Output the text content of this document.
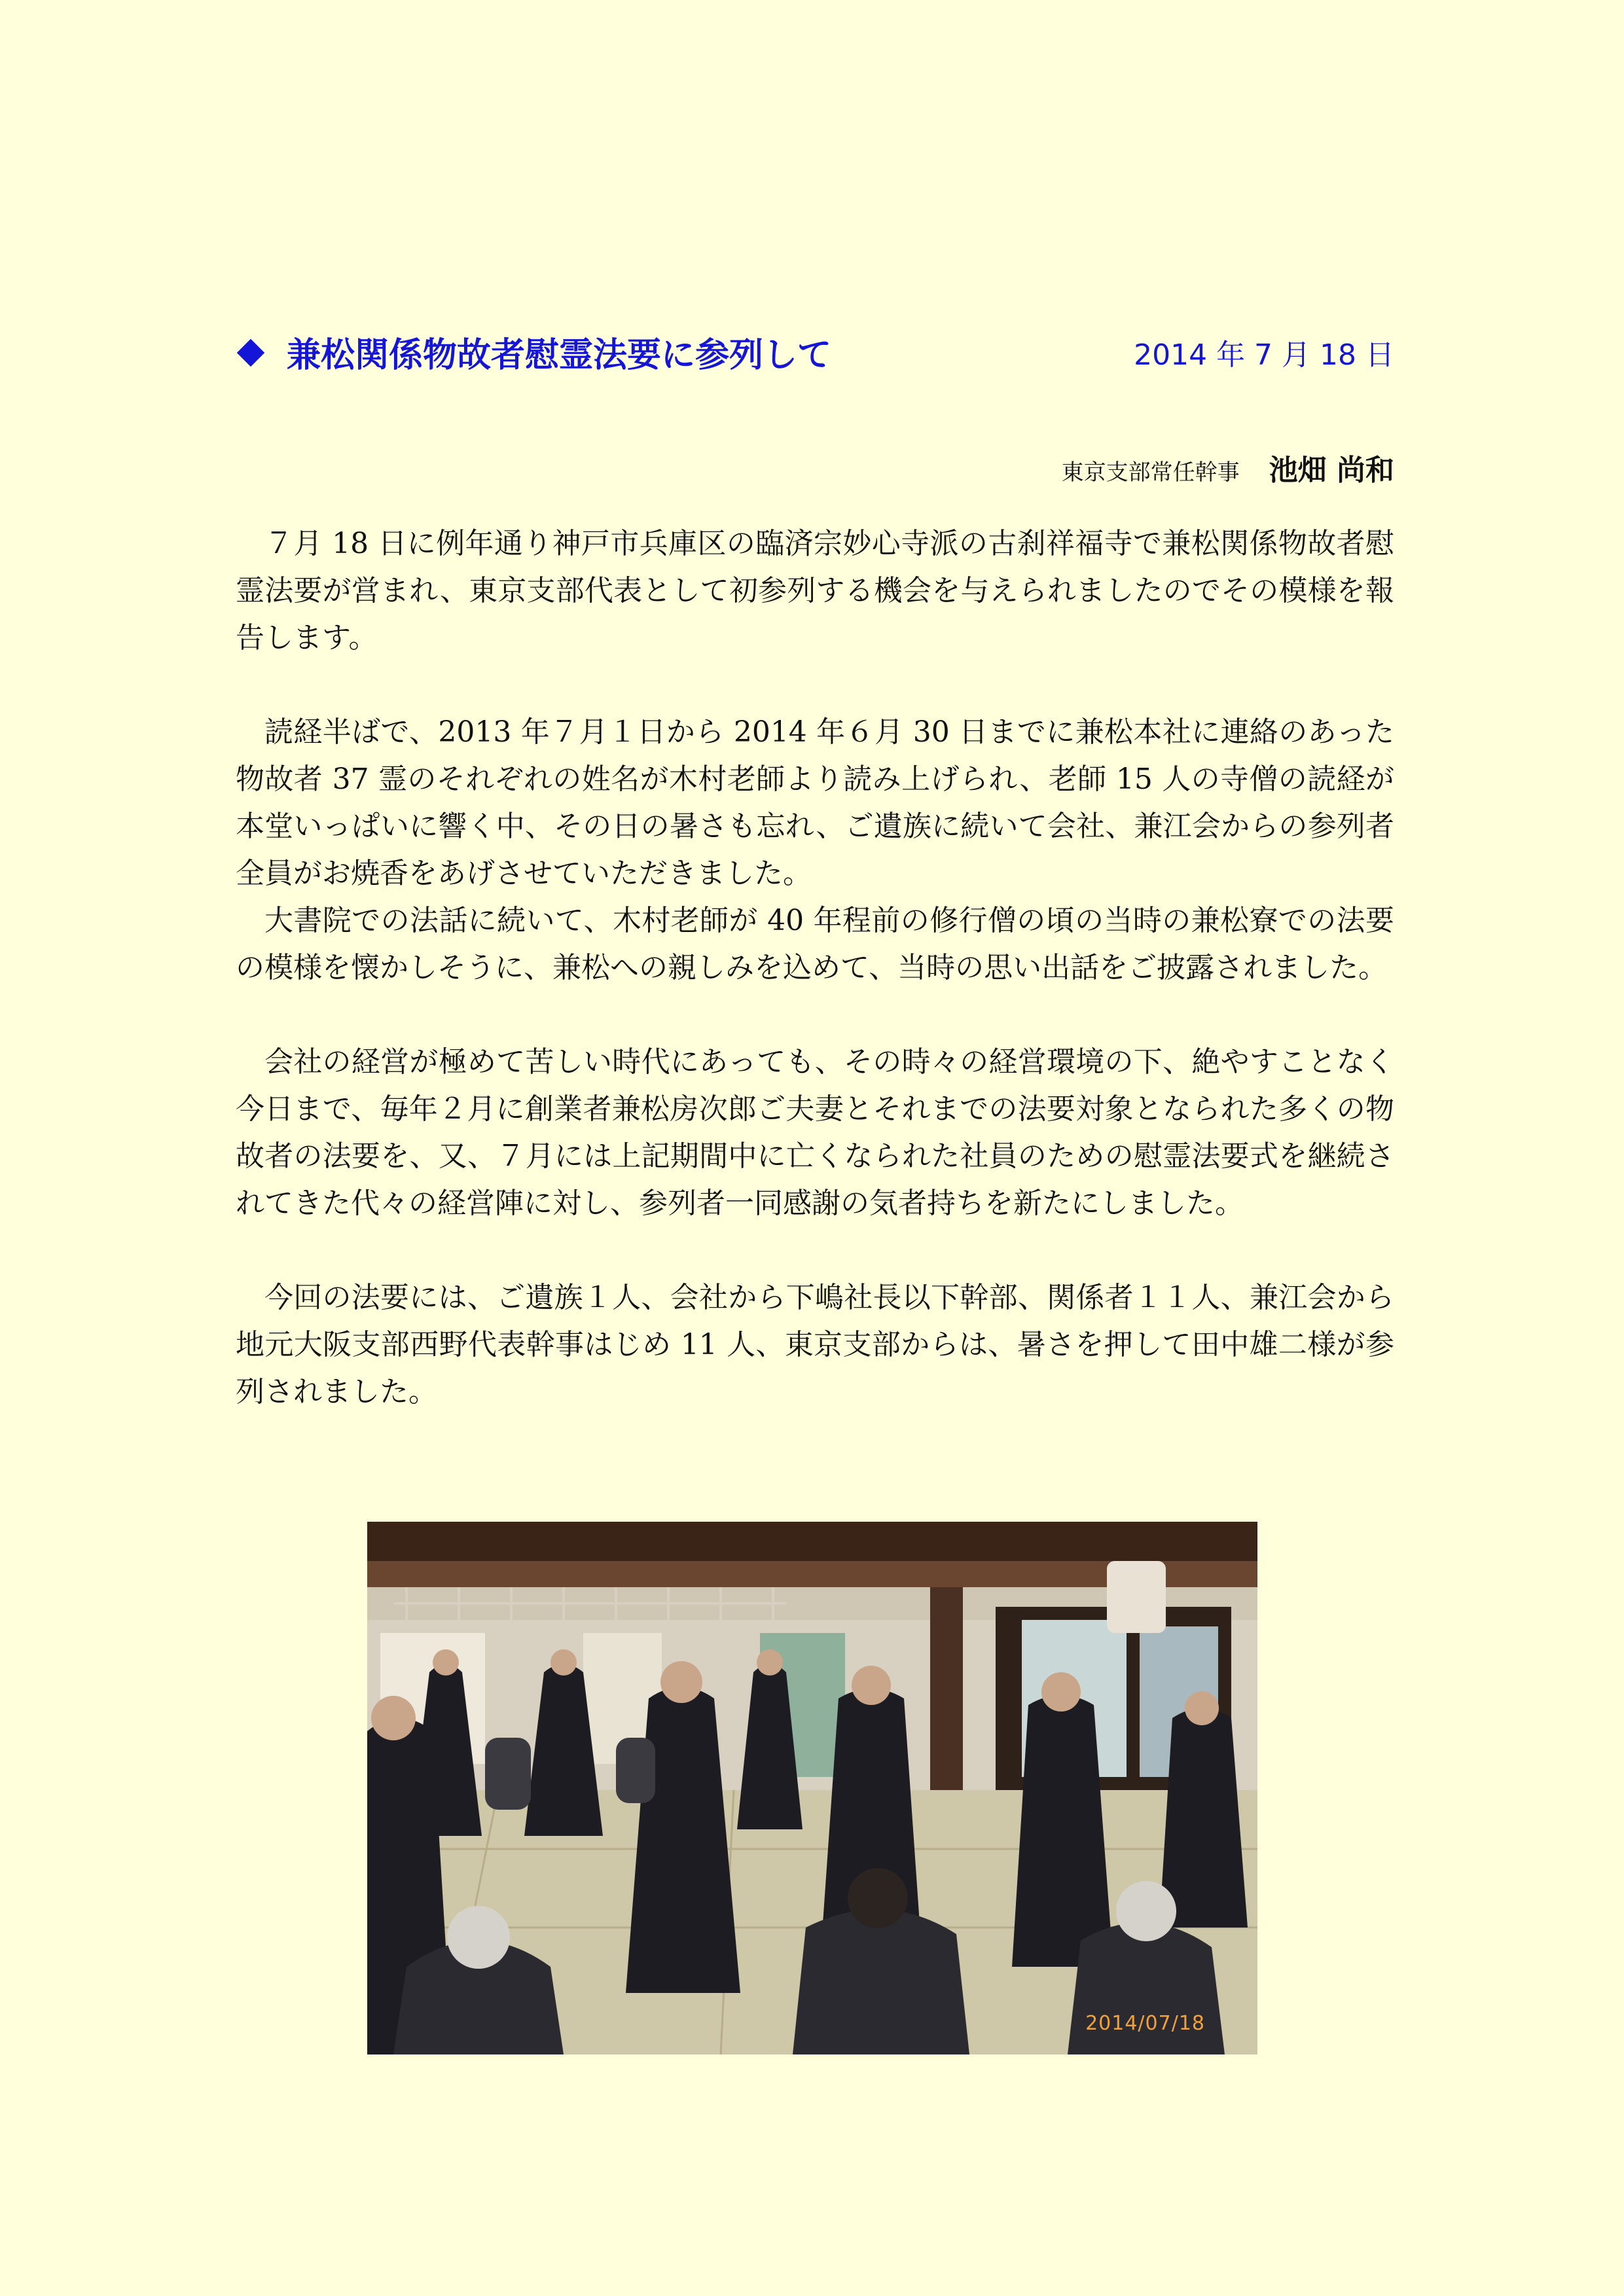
兼松関係物故者慰霊法要に参列して	2014 年 7 月 18 日
東京支部常任幹事 池畑 尚和

７月 18 日に例年通り神戸市兵庫区の臨済宗妙心寺派の古刹祥福寺で兼松関係物故者慰霊法要が営まれ、東京支部代表として初参列する機会を与えられましたのでその模様を報告します。

読経半ばで、2013 年７月１日から 2014 年６月 30 日までに兼松本社に連絡のあった物故者 37 霊のそれぞれの姓名が木村老師より読み上げられ、老師 15 人の寺僧の読経が本堂いっぱいに響く中、その日の暑さも忘れ、ご遺族に続いて会社、兼江会からの参列者全員がお焼香をあげさせていただきました。

大書院での法話に続いて、木村老師が 40 年程前の修行僧の頃の当時の兼松寮での法要の模様を懐かしそうに、兼松への親しみを込めて、当時の思い出話をご披露されました。

会社の経営が極めて苦しい時代にあっても、その時々の経営環境の下、絶やすことなく今日まで、毎年２月に創業者兼松房次郎ご夫妻とそれまでの法要対象となられた多くの物故者の法要を、又、７月には上記期間中に亡くなられた社員のための慰霊法要式を継続されてきた代々の経営陣に対し、参列者一同感謝の気者持ちを新たにしました。

今回の法要には、ご遺族１人、会社から下嶋社長以下幹部、関係者１１人、兼江会から地元大阪支部西野代表幹事はじめ 11 人、東京支部からは、暑さを押して田中雄二様が参列されました。

2014/07/18
